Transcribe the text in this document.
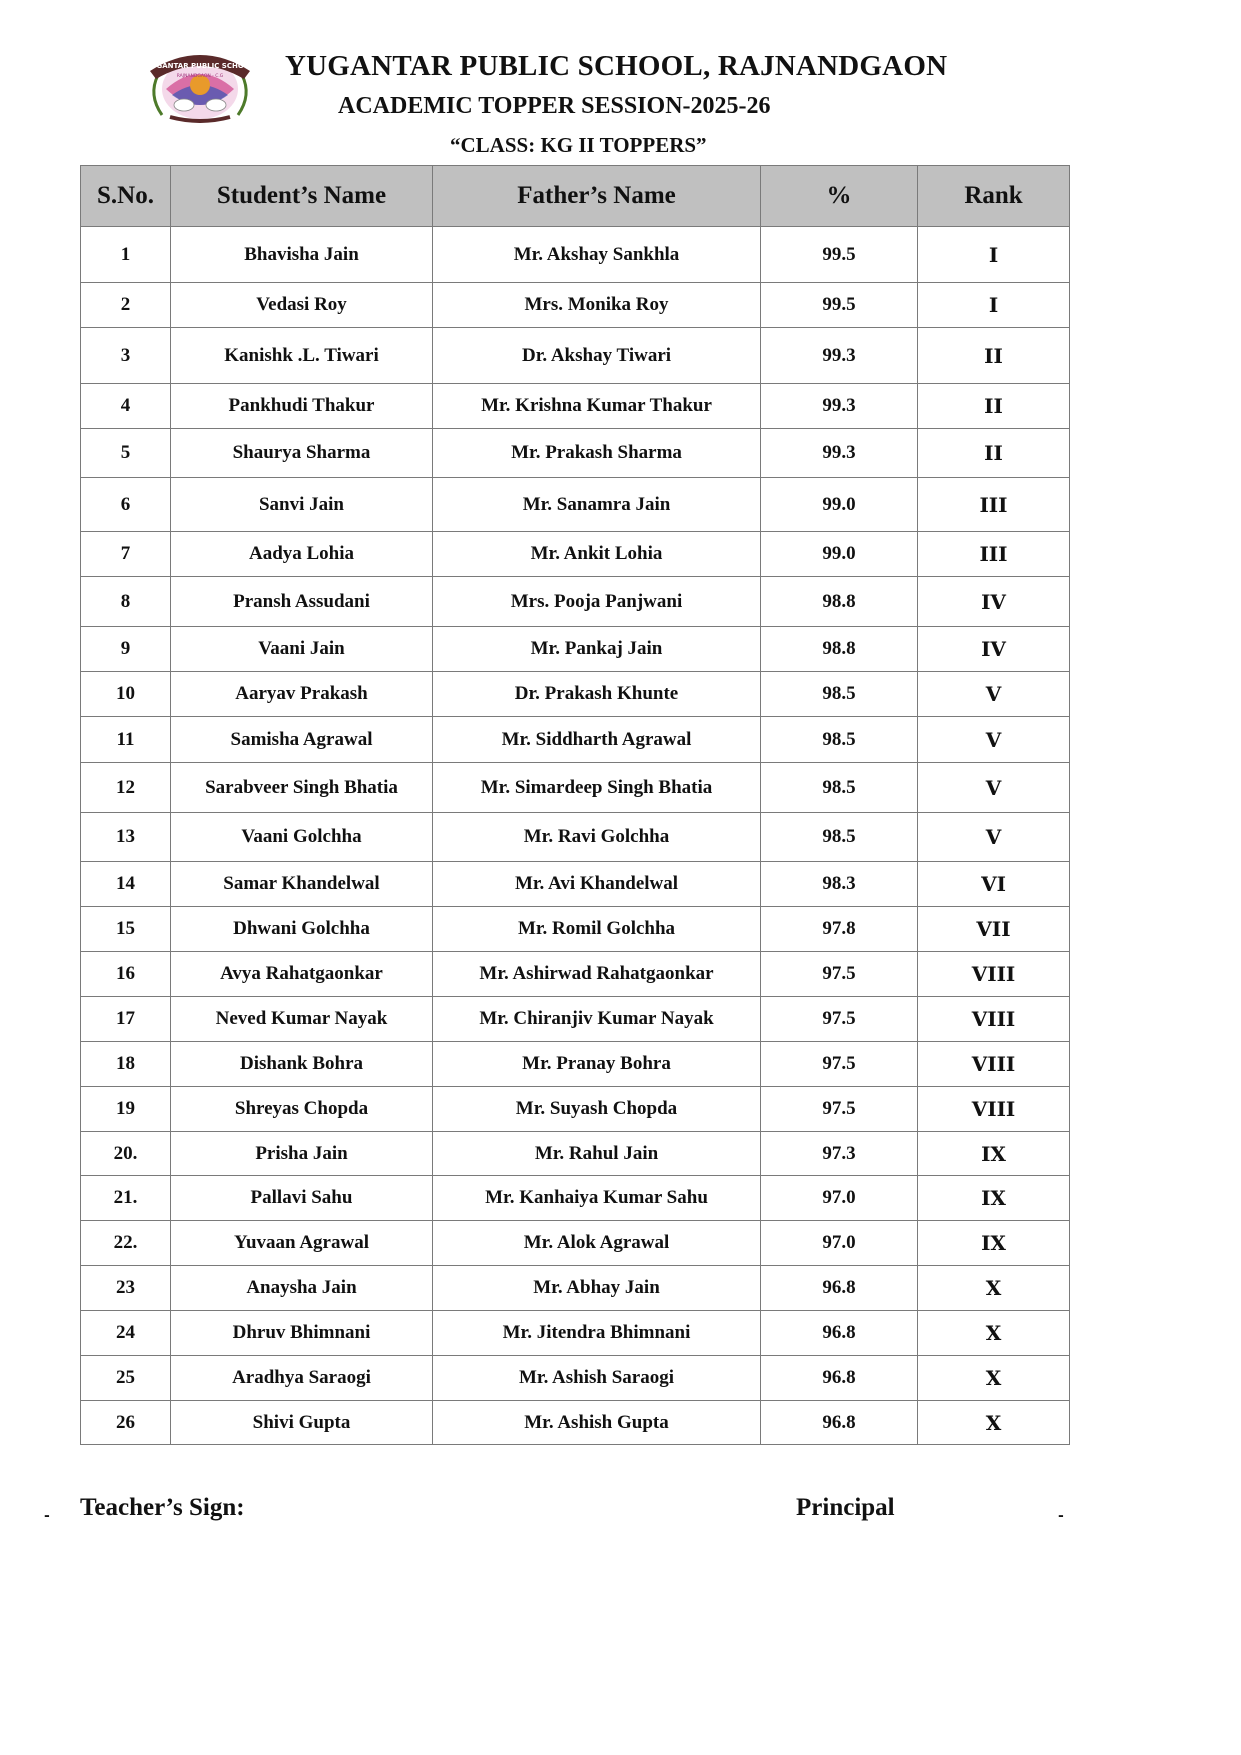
YUGANTAR PUBLIC SCHOOL
RAJNANDGAON - C.G YUGANTAR PUBLIC SCHOOL, RAJNANDGAON
ACADEMIC TOPPER SESSION-2025-26
“CLASS: KG II TOPPERS”
S.No.	Student’s Name	Father’s Name	%	Rank
1	Bhavisha Jain	Mr. Akshay Sankhla	99.5	I
2	Vedasi Roy	Mrs. Monika Roy	99.5	I
3	Kanishk .L. Tiwari	Dr. Akshay Tiwari	99.3	II
4	Pankhudi Thakur	Mr. Krishna Kumar Thakur	99.3	II
5	Shaurya Sharma	Mr. Prakash Sharma	99.3	II
6	Sanvi Jain	Mr. Sanamra Jain	99.0	III
7	Aadya Lohia	Mr. Ankit Lohia	99.0	III
8	Pransh Assudani	Mrs. Pooja Panjwani	98.8	IV
9	Vaani Jain	Mr. Pankaj Jain	98.8	IV
10	Aaryav Prakash	Dr. Prakash Khunte	98.5	V
11	Samisha Agrawal	Mr. Siddharth Agrawal	98.5	V
12	Sarabveer Singh Bhatia	Mr. Simardeep Singh Bhatia	98.5	V
13	Vaani Golchha	Mr. Ravi Golchha	98.5	V
14	Samar Khandelwal	Mr. Avi Khandelwal	98.3	VI
15	Dhwani Golchha	Mr. Romil Golchha	97.8	VII
16	Avya Rahatgaonkar	Mr. Ashirwad Rahatgaonkar	97.5	VIII
17	Neved Kumar Nayak	Mr. Chiranjiv Kumar Nayak	97.5	VIII
18	Dishank Bohra	Mr. Pranay Bohra	97.5	VIII
19	Shreyas Chopda	Mr. Suyash Chopda	97.5	VIII
20.	Prisha Jain	Mr. Rahul Jain	97.3	IX
21.	Pallavi Sahu	Mr. Kanhaiya Kumar Sahu	97.0	IX
22.	Yuvaan Agrawal	Mr. Alok Agrawal	97.0	IX
23	Anaysha Jain	Mr. Abhay Jain	96.8	X
24	Dhruv Bhimnani	Mr. Jitendra Bhimnani	96.8	X
25	Aradhya Saraogi	Mr. Ashish Saraogi	96.8	X
26	Shivi Gupta	Mr. Ashish Gupta	96.8	X
- Teacher’s Sign:	Principal	-
